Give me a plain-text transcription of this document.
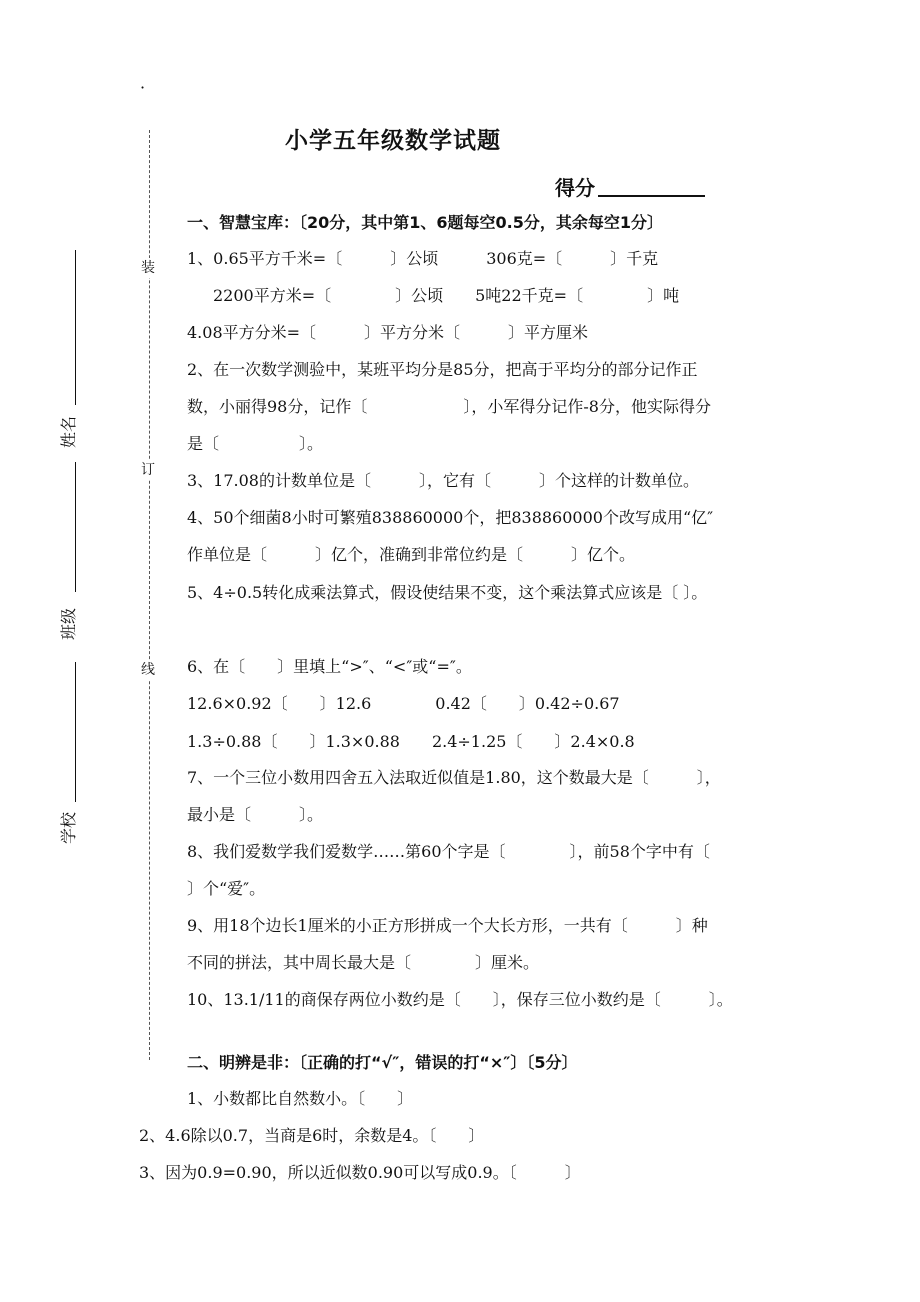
·
小学五年级数学试题
得分
装
订
线
姓名
班级
学校
一、智慧宝库：〔20分，其中第1、6题每空0.5分，其余每空1分〕
1、0.65平方千米=〔　　　〕公顷　　　306克=〔　　　〕千克
2200平方米=〔　　　　〕公顷　　5吨22千克=〔　　　　〕吨
4.08平方分米=〔　　　〕平方分米〔　　　〕平方厘米
2、在一次数学测验中，某班平均分是85分，把高于平均分的部分记作正
数，小丽得98分，记作〔　　　　　　〕，小军得分记作-8分，他实际得分
是〔　　　　　〕。
3、17.08的计数单位是〔　　　〕，它有〔　　　〕个这样的计数单位。
4、50个细菌8小时可繁殖838860000个，把838860000个改写成用“亿″
作单位是〔　　　〕亿个，准确到非常位约是〔　　　〕亿个。
5、4÷0.5转化成乘法算式，假设使结果不变，这个乘法算式应该是〔 〕。
6、在〔　　〕里填上“>″、“<″或“=″。
12.6×0.92〔　　〕12.6　　　　0.42〔　　〕0.42÷0.67
1.3÷0.88〔　　〕1.3×0.88　　2.4÷1.25〔　　〕2.4×0.8
7、一个三位小数用四舍五入法取近似值是1.80，这个数最大是〔　　　〕，
最小是〔　　　〕。
8、我们爱数学我们爱数学……第60个字是〔　　　　〕，前58个字中有〔
〕个“爱″。
9、用18个边长1厘米的小正方形拼成一个大长方形，一共有〔　　　〕种
不同的拼法，其中周长最大是〔　　　　〕厘米。
10、13.1/11的商保存两位小数约是〔　　〕，保存三位小数约是〔　　　〕。
二、明辨是非：〔正确的打“√″，错误的打“×″〕〔5分〕
1、小数都比自然数小。〔　　〕
2、4.6除以0.7，当商是6时，余数是4。〔　　〕
3、因为0.9=0.90，所以近似数0.90可以写成0.9。〔　　　〕
